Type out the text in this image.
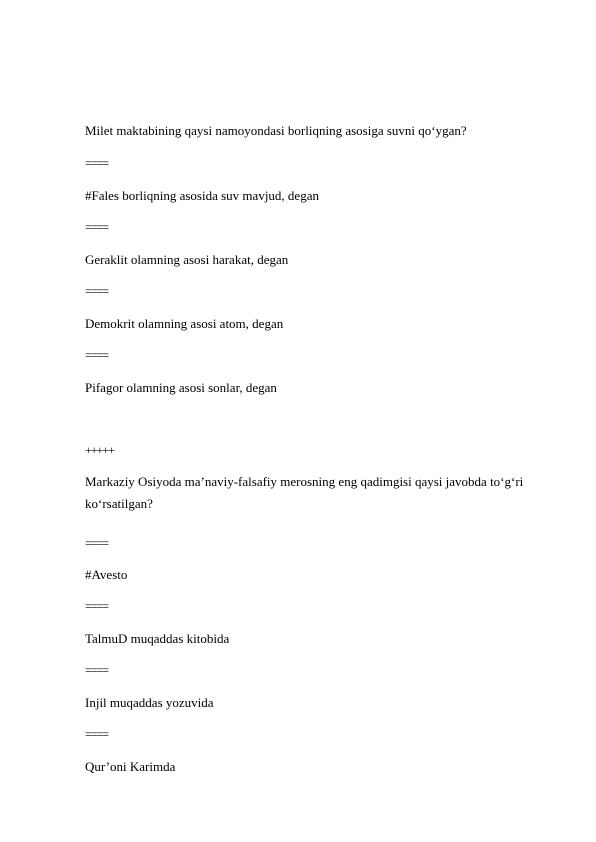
Milet maktabining qaysi namoyondasi borliqning asosiga suvni qo‘ygan?
====
#Fales borliqning asosida suv mavjud, degan
====
Geraklit olamning asosi harakat, degan
====
Demokrit olamning asosi atom, degan
====
Pifagor olamning asosi sonlar, degan
+++++
Markaziy Osiyoda ma’naviy-falsafiy merosning eng qadimgisi qaysi javobda to‘g‘ri ko‘rsatilgan?
====
#Avesto
====
TalmuD muqaddas kitobida
====
Injil muqaddas yozuvida
====
Qur’oni Karimda
